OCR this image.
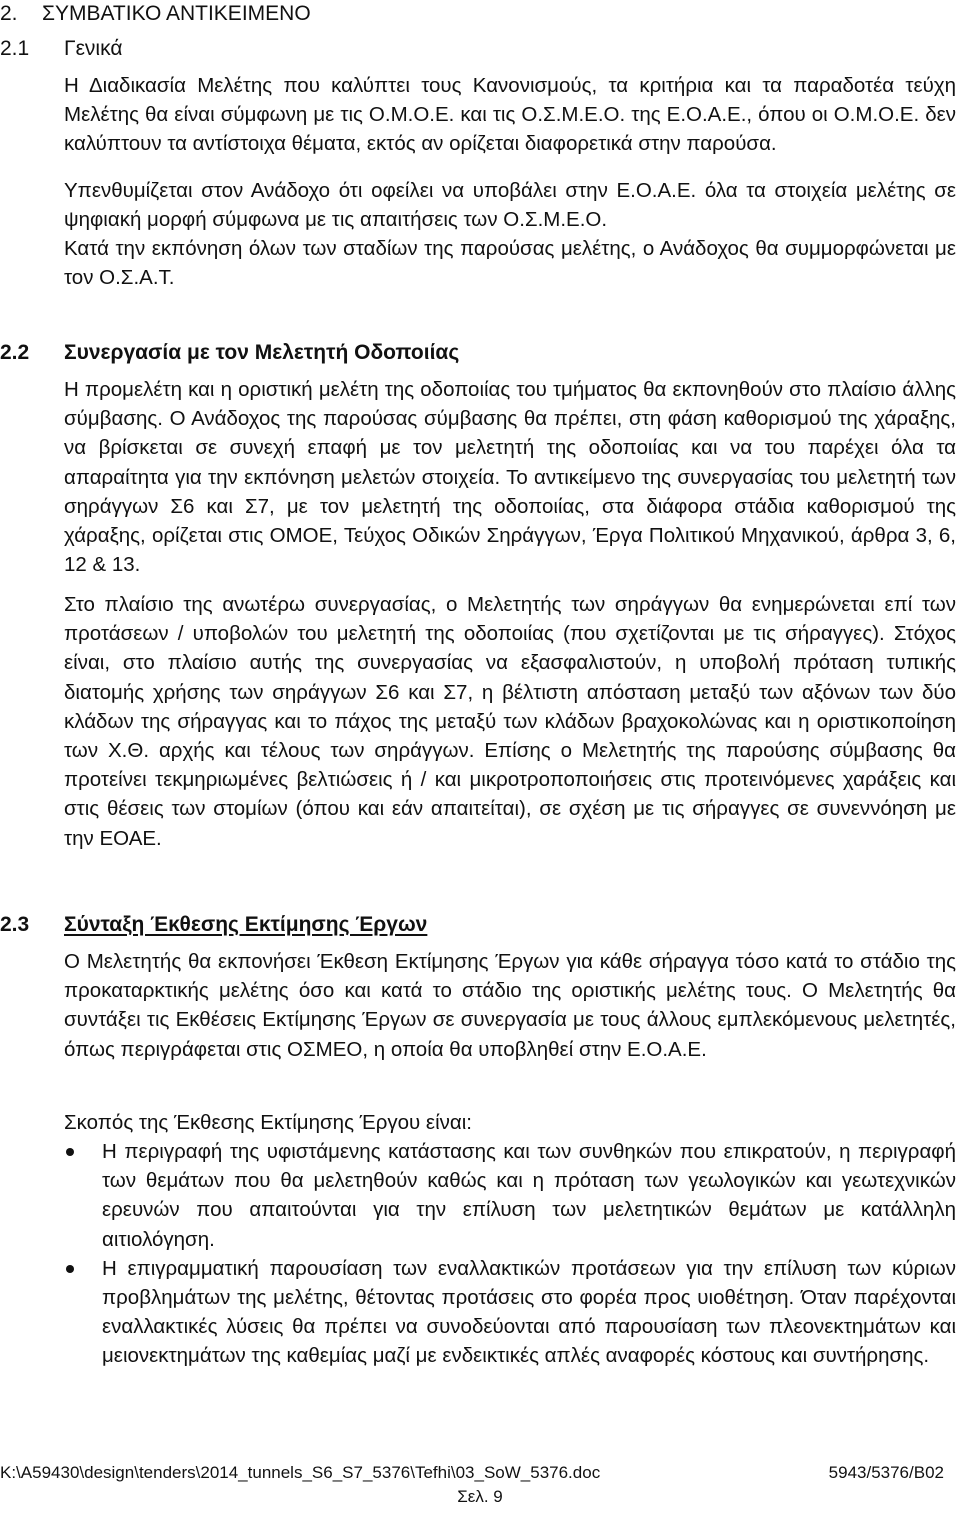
2. ΣΥΜΒΑΤΙΚΟ ΑΝΤΙΚΕΙΜΕΝΟ
2.1 Γενικά
Η Διαδικασία Μελέτης που καλύπτει τους Κανονισμούς, τα κριτήρια και τα παραδοτέα τεύχη Μελέτης θα είναι σύμφωνη με τις Ο.Μ.Ο.Ε. και τις Ο.Σ.Μ.Ε.Ο. της Ε.Ο.Α.Ε., όπου οι Ο.Μ.Ο.Ε. δεν καλύπτουν τα αντίστοιχα θέματα, εκτός αν ορίζεται διαφορετικά στην παρούσα.
Υπενθυμίζεται στον Ανάδοχο ότι οφείλει να υποβάλει στην Ε.Ο.Α.Ε. όλα τα στοιχεία μελέτης σε ψηφιακή μορφή σύμφωνα με τις απαιτήσεις των Ο.Σ.Μ.Ε.Ο.
Κατά την εκπόνηση όλων των σταδίων της παρούσας μελέτης, ο Ανάδοχος θα συμμορφώνεται με τον Ο.Σ.Α.Τ.
2.2 Συνεργασία με τον Μελετητή Οδοποιίας
Η προμελέτη και η οριστική μελέτη της οδοποιίας του τμήματος θα εκπονηθούν στο πλαίσιο άλλης σύμβασης. Ο Ανάδοχος της παρούσας σύμβασης θα πρέπει, στη φάση καθορισμού της χάραξης, να βρίσκεται σε συνεχή επαφή με τον μελετητή της οδοποιίας και να του παρέχει όλα τα απαραίτητα για την εκπόνηση μελετών στοιχεία. Το αντικείμενο της συνεργασίας του μελετητή των σηράγγων Σ6 και Σ7, με τον μελετητή της οδοποιίας, στα διάφορα στάδια καθορισμού της χάραξης, ορίζεται στις ΟΜΟΕ, Τεύχος Οδικών Σηράγγων, Έργα Πολιτικού Μηχανικού, άρθρα 3, 6, 12 & 13.
Στο πλαίσιο της ανωτέρω συνεργασίας, ο Μελετητής των σηράγγων θα ενημερώνεται επί των προτάσεων / υποβολών του μελετητή της οδοποιίας (που σχετίζονται με τις σήραγγες). Στόχος είναι, στο πλαίσιο αυτής της συνεργασίας να εξασφαλιστούν, η υποβολή πρόταση τυπικής διατομής χρήσης των σηράγγων Σ6 και Σ7, η βέλτιστη απόσταση μεταξύ των αξόνων των δύο κλάδων της σήραγγας και το πάχος της μεταξύ των κλάδων βραχοκολώνας και η οριστικοποίηση των Χ.Θ. αρχής και τέλους των σηράγγων. Επίσης ο Μελετητής της παρούσης σύμβασης θα προτείνει τεκμηριωμένες βελτιώσεις ή / και μικροτροποποιήσεις στις προτεινόμενες χαράξεις και στις θέσεις των στομίων (όπου και εάν απαιτείται), σε σχέση με τις σήραγγες σε συνεννόηση με την ΕΟΑΕ.
2.3 Σύνταξη Έκθεσης Εκτίμησης Έργων
Ο Μελετητής θα εκπονήσει Έκθεση Εκτίμησης Έργων για κάθε σήραγγα τόσο κατά το στάδιο της προκαταρκτικής μελέτης όσο και κατά το στάδιο της οριστικής μελέτης τους. Ο Μελετητής θα συντάξει τις Εκθέσεις Εκτίμησης Έργων σε συνεργασία με τους άλλους εμπλεκόμενους μελετητές, όπως περιγράφεται στις ΟΣΜΕΟ, η οποία θα υποβληθεί στην Ε.Ο.Α.Ε.
Σκοπός της Έκθεσης Εκτίμησης Έργου είναι:
Η περιγραφή της υφιστάμενης κατάστασης και των συνθηκών που επικρατούν, η περιγραφή των θεμάτων που θα μελετηθούν καθώς και η πρόταση των γεωλογικών και γεωτεχνικών ερευνών που απαιτούνται για την επίλυση των μελετητικών θεμάτων με κατάλληλη αιτιολόγηση.
Η επιγραμματική παρουσίαση των εναλλακτικών προτάσεων για την επίλυση των κύριων προβλημάτων της μελέτης, θέτοντας προτάσεις στο φορέα προς υιοθέτηση. Όταν παρέχονται εναλλακτικές λύσεις θα πρέπει να συνοδεύονται από παρουσίαση των πλεονεκτημάτων και μειονεκτημάτων της καθεμίας μαζί με ενδεικτικές απλές αναφορές κόστους και συντήρησης.
K:\A59430\design\tenders\2014_tunnels_S6_S7_5376\Tefhi\03_SoW_5376.doc	5943/5376/B02
Σελ. 9
